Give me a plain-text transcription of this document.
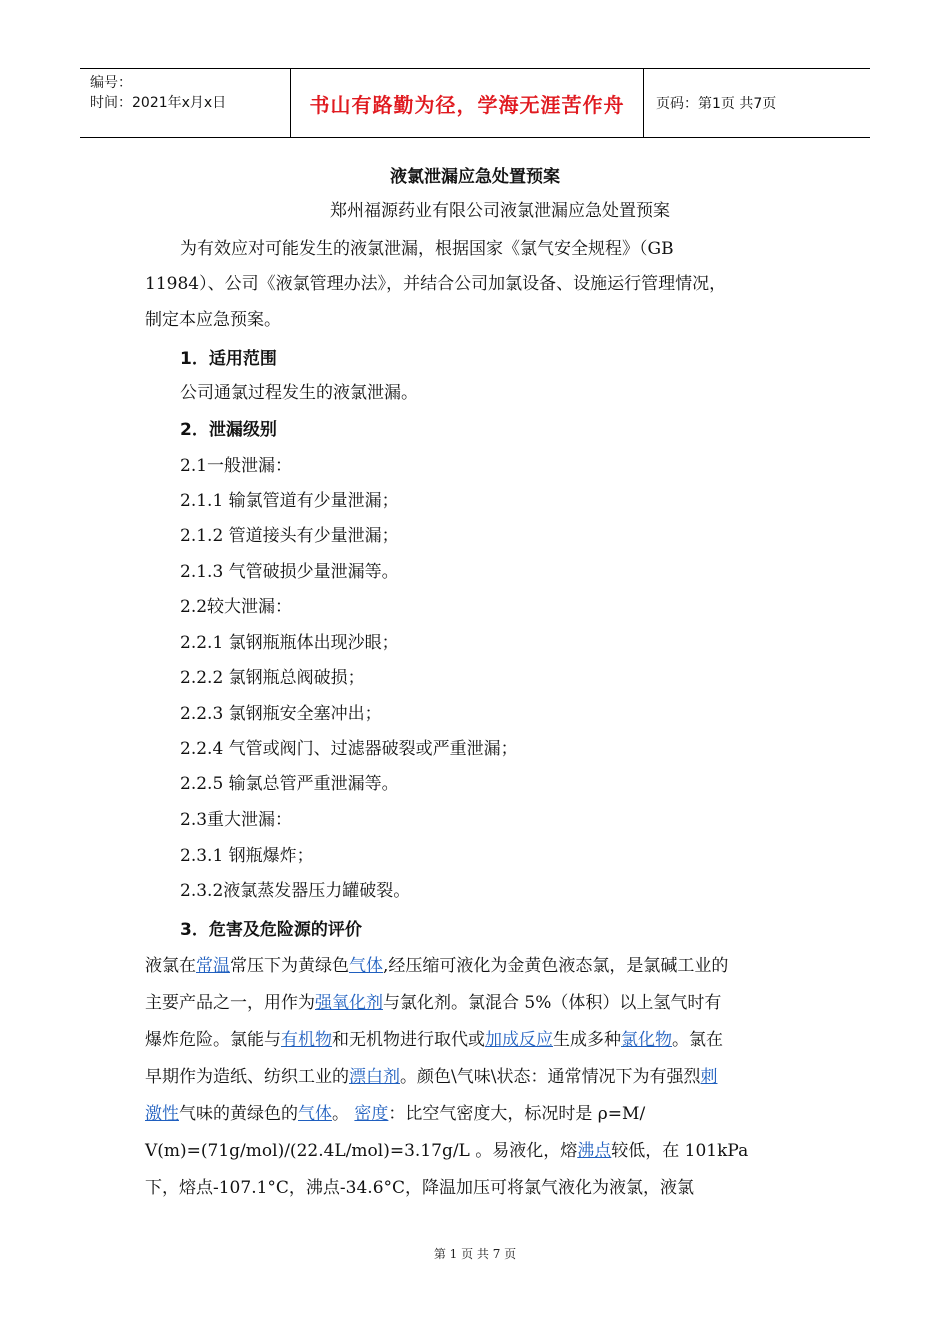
编号：
时间：2021年x月x日	书山有路勤为径，学海无涯苦作舟	页码：第1页 共7页
液氯泄漏应急处置预案
郑州福源药业有限公司液氯泄漏应急处置预案
为有效应对可能发生的液氯泄漏，根据国家《氯气安全规程》（GB
11984）、公司《液氯管理办法》，并结合公司加氯设备、设施运行管理情况，
制定本应急预案。
1．适用范围
公司通氯过程发生的液氯泄漏。
2．泄漏级别
2.1一般泄漏：
2.1.1 输氯管道有少量泄漏；
2.1.2 管道接头有少量泄漏；
2.1.3 气管破损少量泄漏等。
2.2较大泄漏：
2.2.1 氯钢瓶瓶体出现沙眼；
2.2.2 氯钢瓶总阀破损；
2.2.3 氯钢瓶安全塞冲出；
2.2.4 气管或阀门、过滤器破裂或严重泄漏；
2.2.5 输氯总管严重泄漏等。
2.3重大泄漏：
2.3.1 钢瓶爆炸；
2.3.2液氯蒸发器压力罐破裂。
3．危害及危险源的评价
液氯在常温常压下为黄绿色气体,经压缩可液化为金黄色液态氯，是氯碱工业的
主要产品之一，用作为强氧化剂与氯化剂。氯混合 5%（体积）以上氢气时有
爆炸危险。氯能与有机物和无机物进行取代或加成反应生成多种氯化物。氯在
早期作为造纸、纺织工业的漂白剂。颜色\气味\状态：通常情况下为有强烈刺
激性气味的黄绿色的气体。 密度：比空气密度大，标况时是 ρ=M/
V(m)=(71g/mol)/(22.4L/mol)=3.17g/L 。易液化，熔沸点较低，在 101kPa
下，熔点-107.1°C，沸点-34.6°C，降温加压可将氯气液化为液氯，液氯
第 1 页 共 7 页
